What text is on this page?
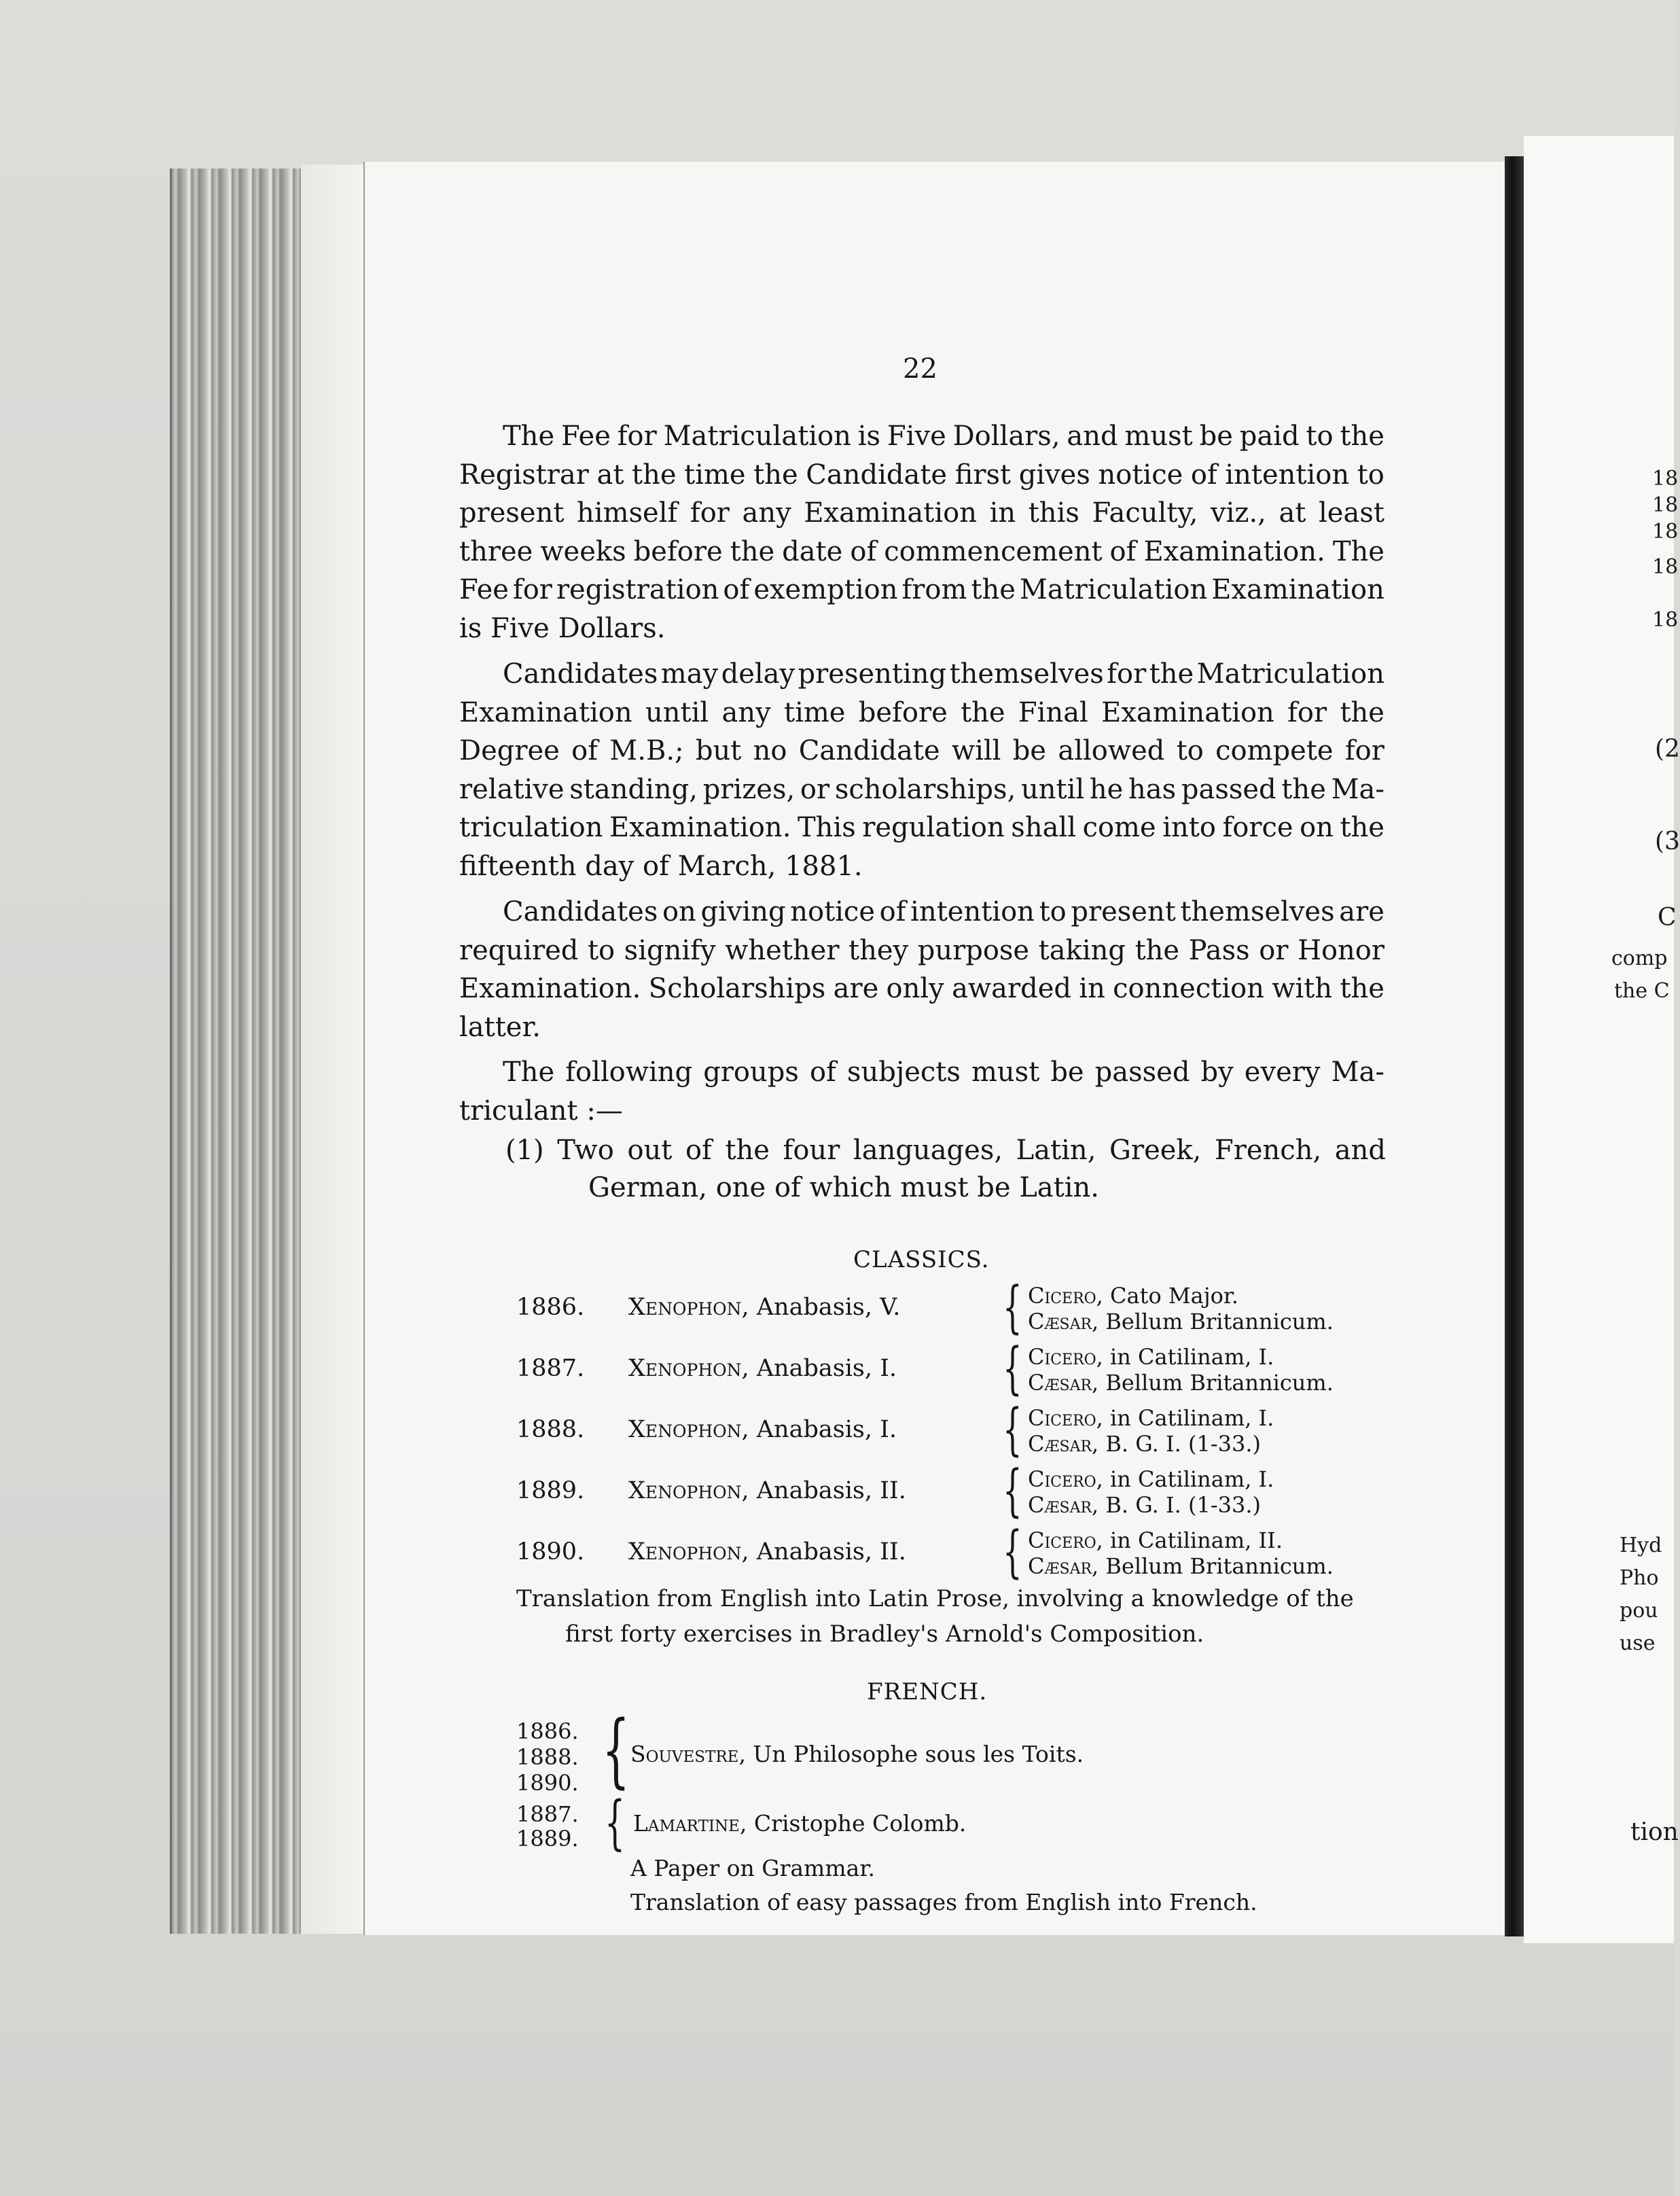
22
The Fee for Matriculation is Five Dollars, and must be paid to the
Registrar at the time the Candidate first gives notice of intention to
present himself for any Examination in this Faculty, viz., at least
three weeks before the date of commencement of Examination. The
Fee for registration of exemption from the Matriculation Examination
is Five Dollars.
Candidates may delay presenting themselves for the Matriculation
Examination until any time before the Final Examination for the
Degree of M.B.; but no Candidate will be allowed to compete for
relative standing, prizes, or scholarships, until he has passed the Ma-
triculation Examination. This regulation shall come into force on the
fifteenth day of March, 1881.
Candidates on giving notice of intention to present themselves are
required to signify whether they purpose taking the Pass or Honor
Examination. Scholarships are only awarded in connection with the
latter.
The following groups of subjects must be passed by every Ma-
triculant :—
(1) Two out of the four languages, Latin, Greek, French, and
German, one of which must be Latin.
CLASSICS.
1886. Xenophon, Anabasis, V. { Cicero, Cato Major.
Cæsar, Bellum Britannicum.
1887. Xenophon, Anabasis, I. { Cicero, in Catilinam, I.
Cæsar, Bellum Britannicum.
1888. Xenophon, Anabasis, I. { Cicero, in Catilinam, I.
Cæsar, B. G. I. (1-33.)
1889. Xenophon, Anabasis, II. { Cicero, in Catilinam, I.
Cæsar, B. G. I. (1-33.)
1890. Xenophon, Anabasis, II. { Cicero, in Catilinam, II.
Cæsar, Bellum Britannicum.
Translation from English into Latin Prose, involving a knowledge of the
first forty exercises in Bradley's Arnold's Composition.
FRENCH.
1886.
1888.
1890. { Souvestre, Un Philosophe sous les Toits.
1887.
1889. { Lamartine, Cristophe Colomb.
A Paper on Grammar.
Translation of easy passages from English into French.
18
18
18
18
18
(2
(3
C
comp
the C
Hyd
Pho
pou
use
tion
